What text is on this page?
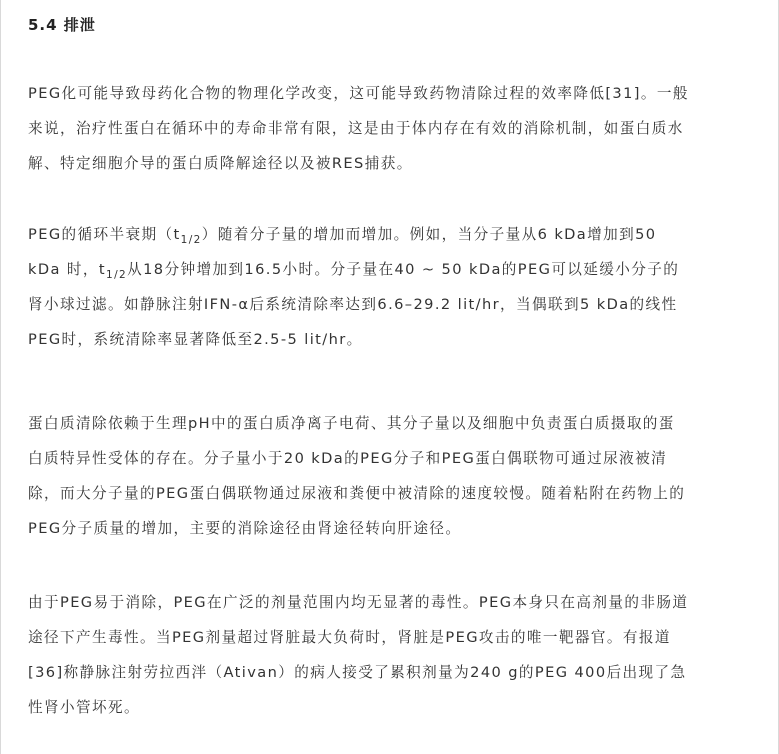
5.4 排泄
PEG化可能导致母药化合物的物理化学改变，这可能导致药物清除过程的效率降低[31]。一般
来说，治疗性蛋白在循环中的寿命非常有限，这是由于体内存在有效的消除机制，如蛋白质水
解、特定细胞介导的蛋白质降解途径以及被RES捕获。
PEG的循环半衰期$(t_{1/2})$随着分子量的增加而增加。例如，当分子量从6 kDa增加到50
kDa 时，$t_{1/2}$从18分钟增加到16.5小时。分子量在40 ~ 50 kDa的PEG可以延缓小分子的
肾小球过滤。如静脉注射IFN-α后系统清除率达到6.6–29.2 lit/hr，当偶联到5 kDa的线性
PEG时，系统清除率显著降低至2.5-5 lit/hr。
蛋白质清除依赖于生理pH中的蛋白质净离子电荷、其分子量以及细胞中负责蛋白质摄取的蛋
白质特异性受体的存在。分子量小于20 kDa的PEG分子和PEG蛋白偶联物可通过尿液被清
除，而大分子量的PEG蛋白偶联物通过尿液和粪便中被清除的速度较慢。随着粘附在药物上的
PEG分子质量的增加，主要的消除途径由肾途径转向肝途径。
由于PEG易于消除，PEG在广泛的剂量范围内均无显著的毒性。PEG本身只在高剂量的非肠道
途径下产生毒性。当PEG剂量超过肾脏最大负荷时，肾脏是PEG攻击的唯一靶器官。有报道
[36]称静脉注射劳拉西泮（Ativan）的病人接受了累积剂量为240 g的PEG 400后出现了急
性肾小管坏死。
